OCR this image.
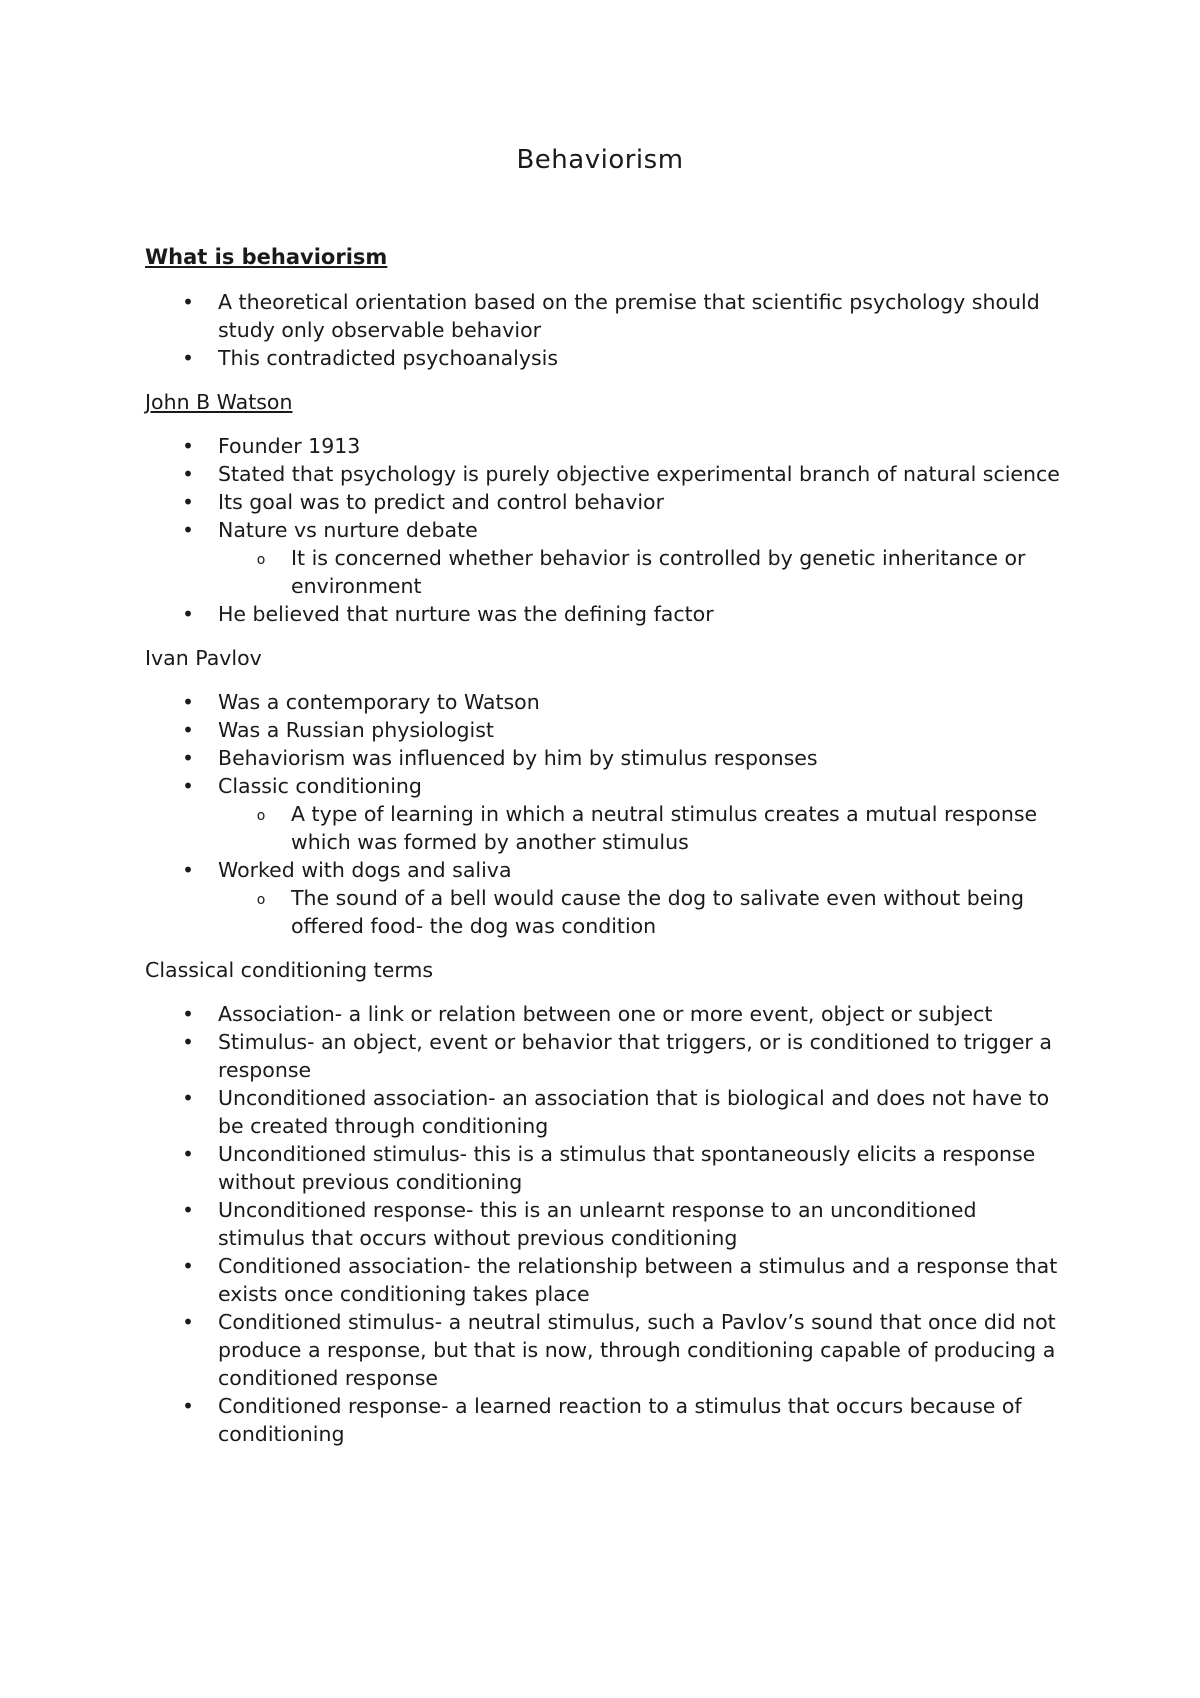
Behaviorism
What is behaviorism
• A theoretical orientation based on the premise that scientific psychology should study only observable behavior
• This contradicted psychoanalysis
John B Watson
• Founder 1913
• Stated that psychology is purely objective experimental branch of natural science
• Its goal was to predict and control behavior
• Nature vs nurture debate
o It is concerned whether behavior is controlled by genetic inheritance or environment
• He believed that nurture was the defining factor
Ivan Pavlov
• Was a contemporary to Watson
• Was a Russian physiologist
• Behaviorism was influenced by him by stimulus responses
• Classic conditioning
o A type of learning in which a neutral stimulus creates a mutual response which was formed by another stimulus
• Worked with dogs and saliva
o The sound of a bell would cause the dog to salivate even without being offered food- the dog was condition
Classical conditioning terms
• Association- a link or relation between one or more event, object or subject
• Stimulus- an object, event or behavior that triggers, or is conditioned to trigger a response
• Unconditioned association- an association that is biological and does not have to be created through conditioning
• Unconditioned stimulus- this is a stimulus that spontaneously elicits a response without previous conditioning
• Unconditioned response- this is an unlearnt response to an unconditioned stimulus that occurs without previous conditioning
• Conditioned association- the relationship between a stimulus and a response that exists once conditioning takes place
• Conditioned stimulus- a neutral stimulus, such a Pavlov’s sound that once did not produce a response, but that is now, through conditioning capable of producing a conditioned response
• Conditioned response- a learned reaction to a stimulus that occurs because of conditioning
